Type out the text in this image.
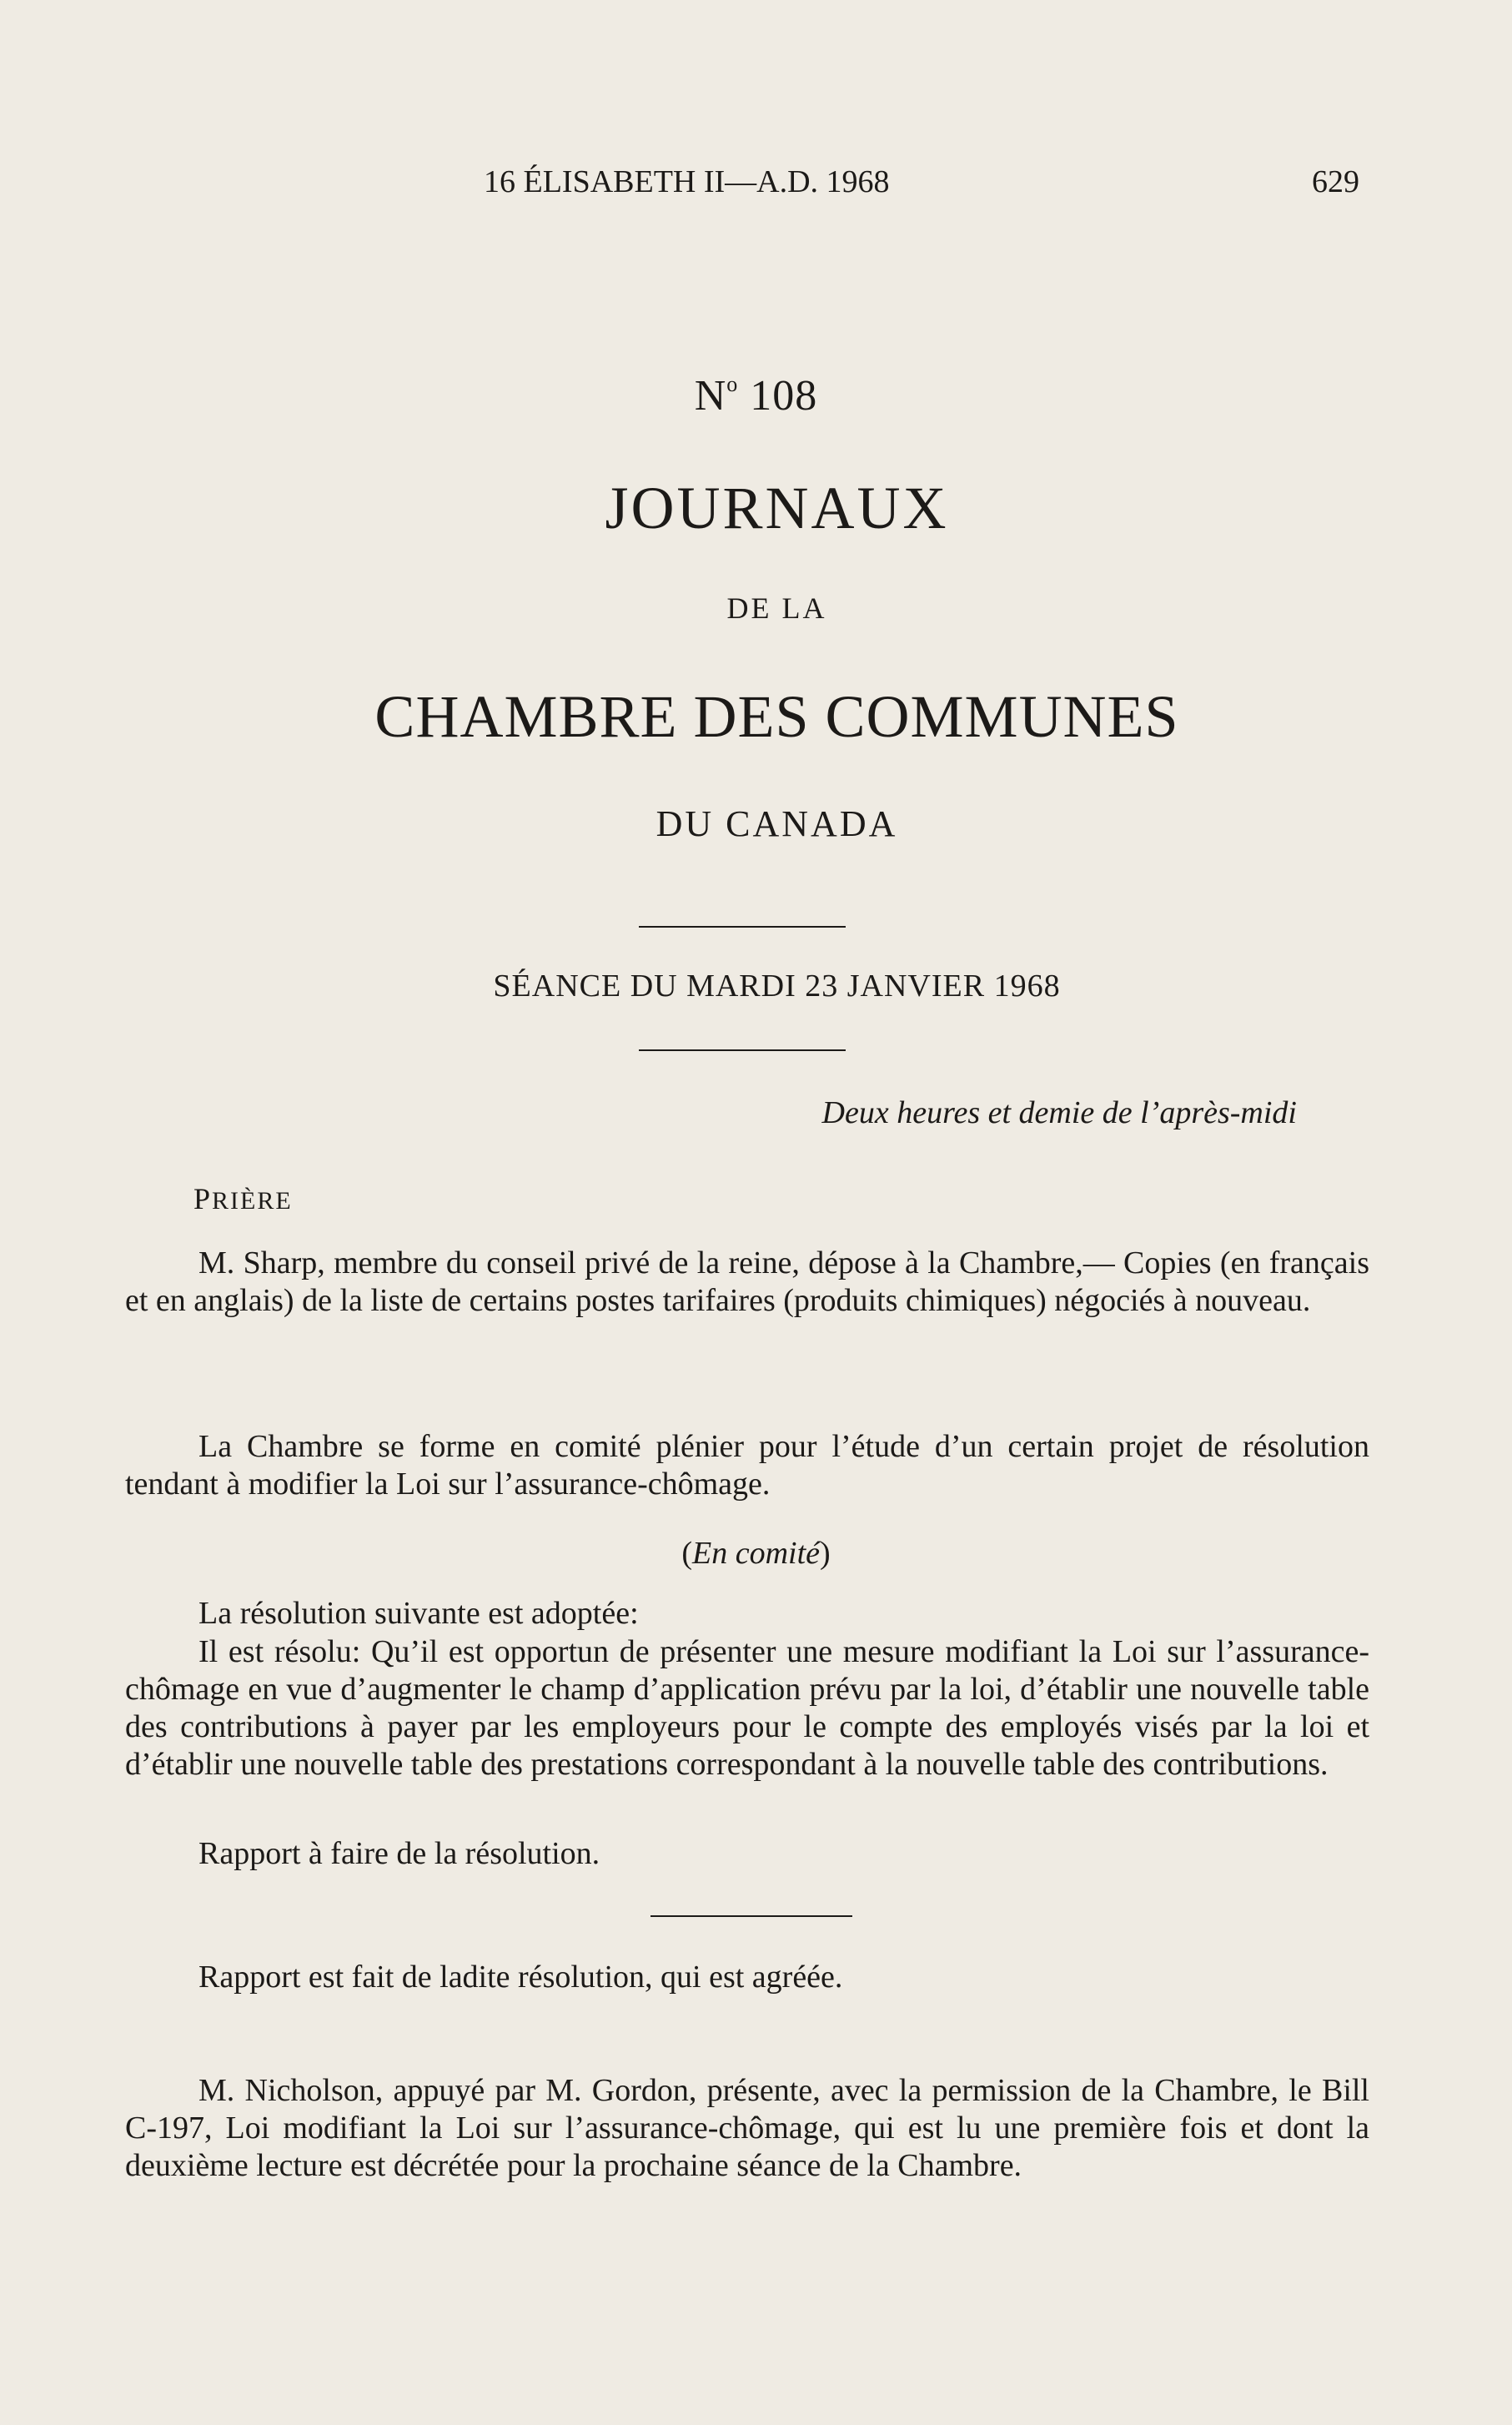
16 ÉLISABETH II—A.D. 1968	629
$N^o$ 108
JOURNAUX
DE LA
CHAMBRE DES COMMUNES
DU CANADA
SÉANCE DU MARDI 23 JANVIER 1968
Deux heures et demie de l’après-midi
PRIÈRE
M. Sharp, membre du conseil privé de la reine, dépose à la Chambre,— Copies (en français et en anglais) de la liste de certains postes tarifaires (produits chimiques) négociés à nouveau.
La Chambre se forme en comité plénier pour l’étude d’un certain projet de résolution tendant à modifier la Loi sur l’assurance-chômage.
(En comité)
La résolution suivante est adoptée:
Il est résolu: Qu’il est opportun de présenter une mesure modifiant la Loi sur l’assurance-chômage en vue d’augmenter le champ d’application prévu par la loi, d’établir une nouvelle table des contributions à payer par les employeurs pour le compte des employés visés par la loi et d’établir une nouvelle table des prestations correspondant à la nouvelle table des contributions.
Rapport à faire de la résolution.
Rapport est fait de ladite résolution, qui est agréée.
M. Nicholson, appuyé par M. Gordon, présente, avec la permission de la Chambre, le Bill C-197, Loi modifiant la Loi sur l’assurance-chômage, qui est lu une première fois et dont la deuxième lecture est décrétée pour la prochaine séance de la Chambre.
